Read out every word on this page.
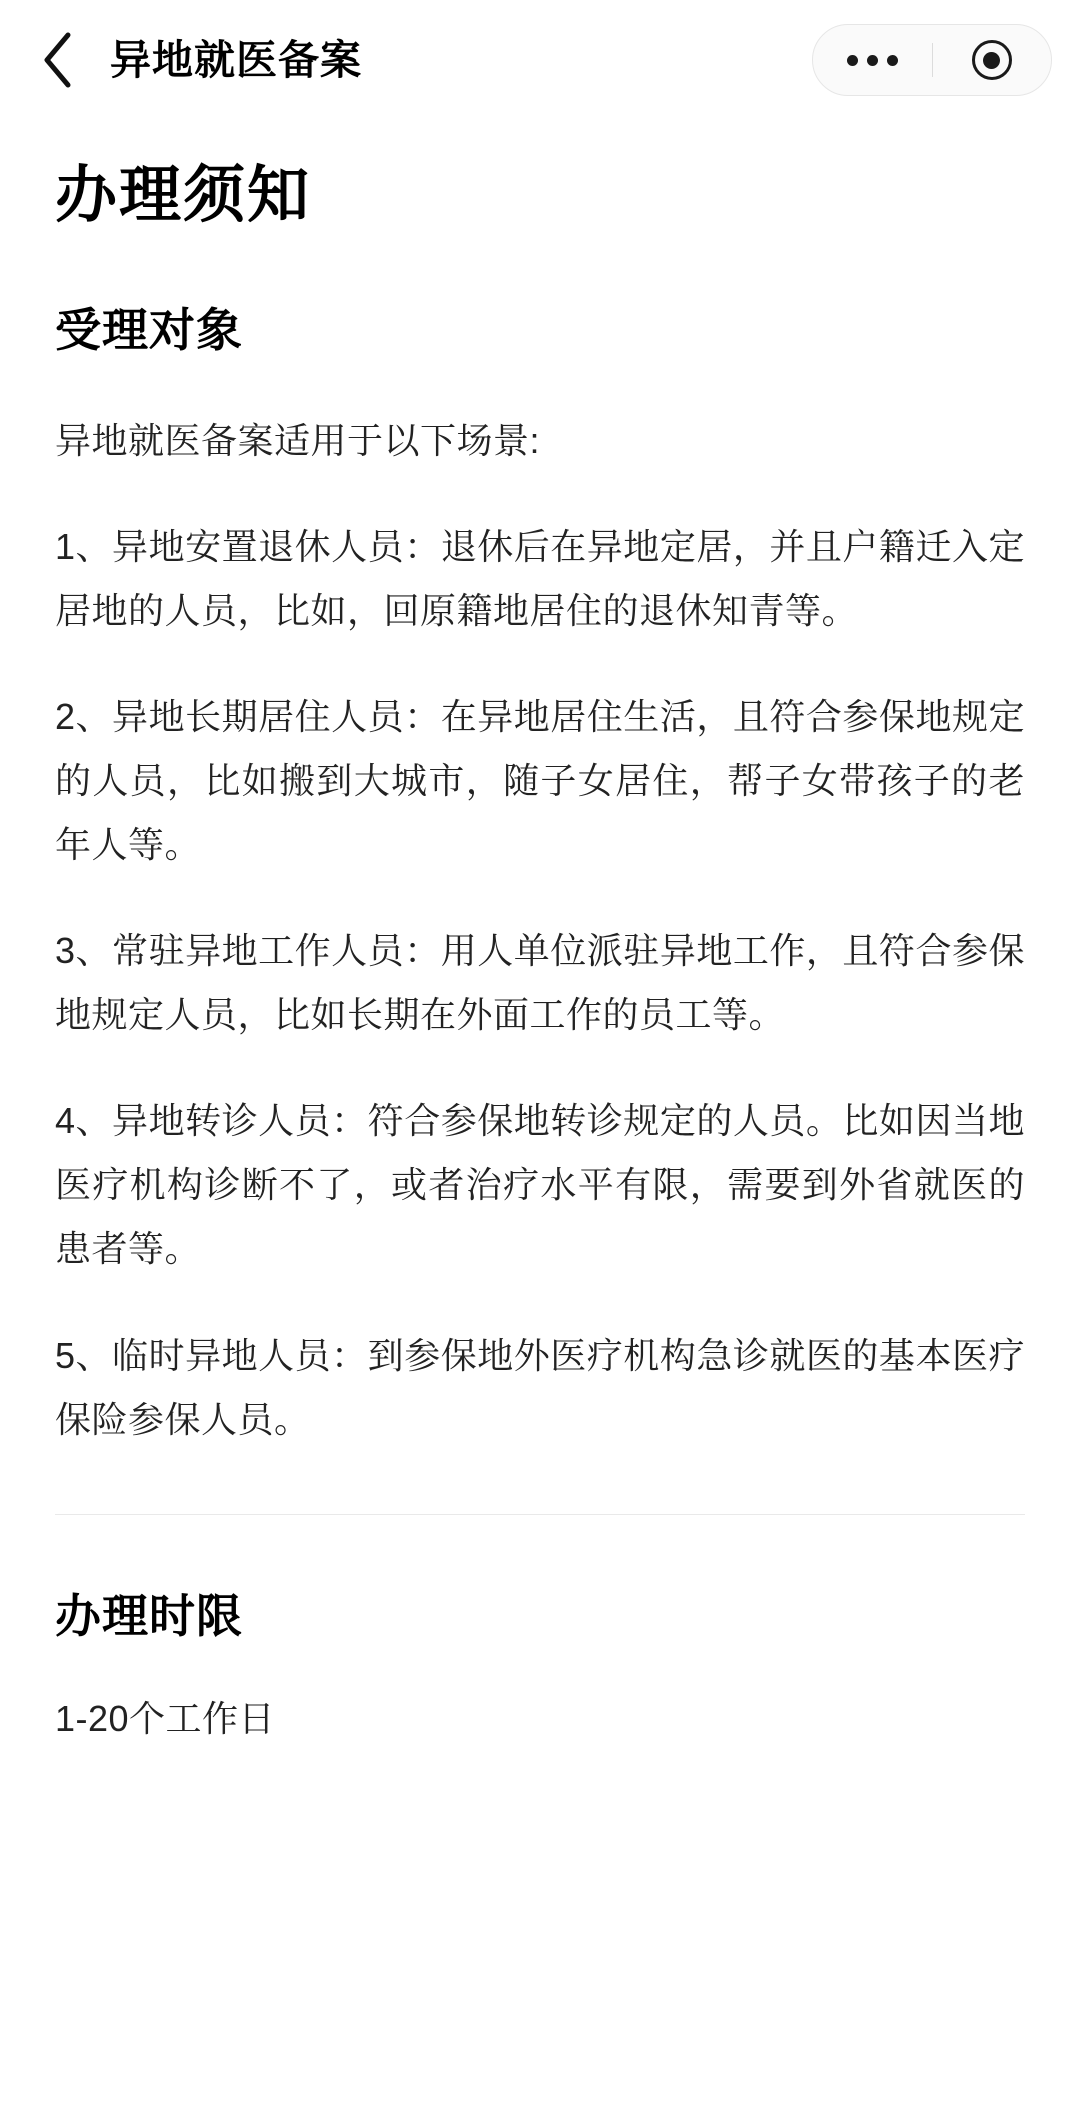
异地就医备案
办理须知
受理对象

异地就医备案适用于以下场景:

1、异地安置退休人员：退休后在异地定居，并且户籍迁入定居地的人员，比如，回原籍地居住的退休知青等。

2、异地长期居住人员：在异地居住生活，且符合参保地规定的人员，比如搬到大城市，随子女居住，帮子女带孩子的老年人等。

3、常驻异地工作人员：用人单位派驻异地工作，且符合参保地规定人员，比如长期在外面工作的员工等。

4、异地转诊人员：符合参保地转诊规定的人员。比如因当地医疗机构诊断不了，或者治疗水平有限，需要到外省就医的患者等。

5、临时异地人员：到参保地外医疗机构急诊就医的基本医疗保险参保人员。

办理时限

1-20个工作日
